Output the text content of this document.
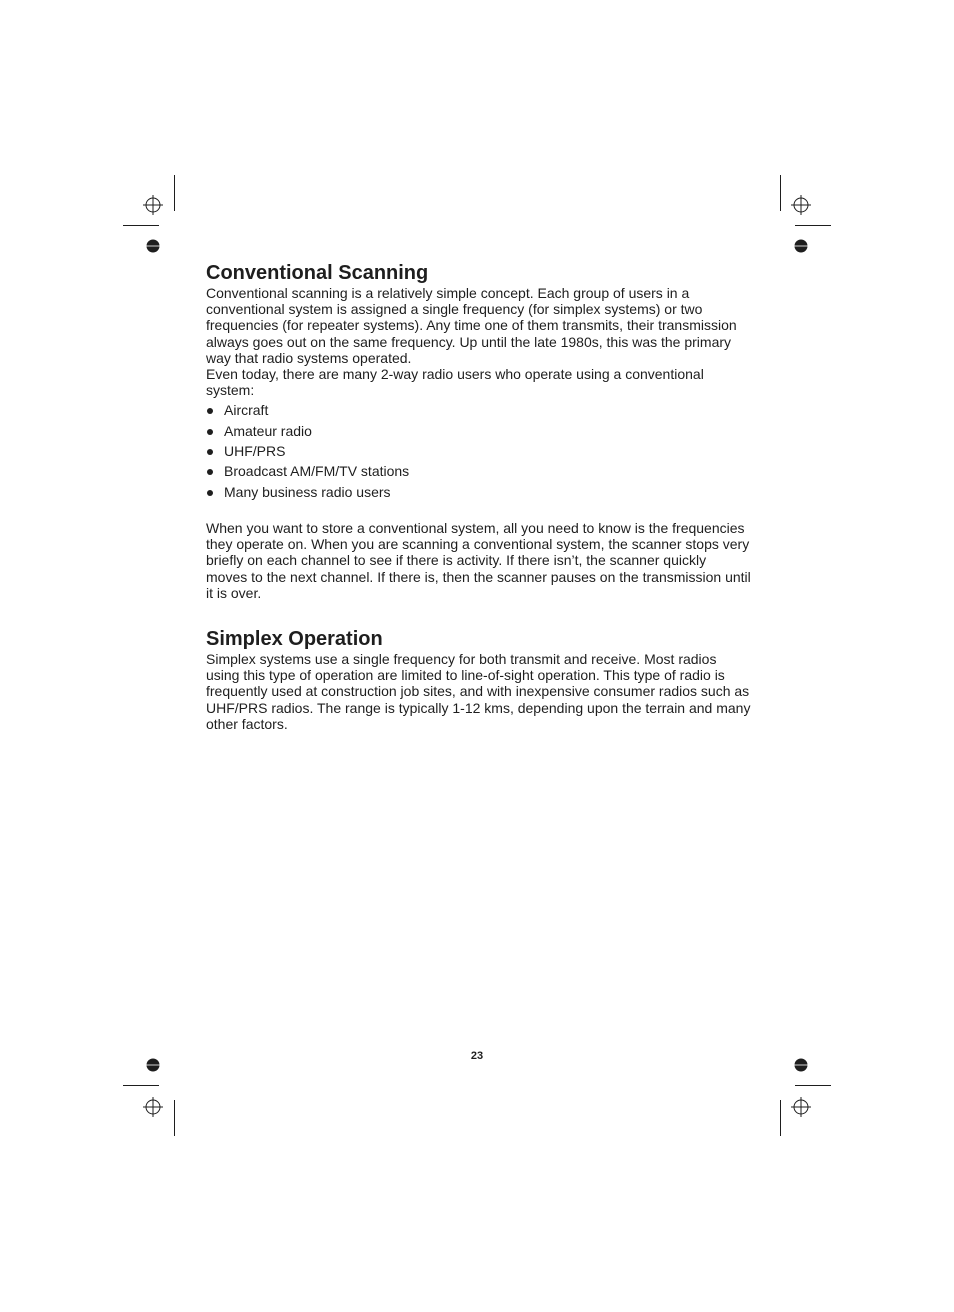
Conventional Scanning

Conventional scanning is a relatively simple concept. Each group of users in a conventional system is assigned a single frequency (for simplex systems) or two frequencies (for repeater systems). Any time one of them transmits, their transmission always goes out on the same frequency. Up until the late 1980s, this was the primary way that radio systems operated.

Even today, there are many 2-way radio users who operate using a conventional system:

Aircraft
Amateur radio
UHF/PRS
Broadcast AM/FM/TV stations
Many business radio users

When you want to store a conventional system, all you need to know is the frequencies they operate on. When you are scanning a conventional system, the scanner stops very briefly on each channel to see if there is activity. If there isn’t, the scanner quickly moves to the next channel. If there is, then the scanner pauses on the transmission until it is over.

Simplex Operation

Simplex systems use a single frequency for both transmit and receive. Most radios using this type of operation are limited to line-of-sight operation. This type of radio is frequently used at construction job sites, and with inexpensive consumer radios such as UHF/PRS radios. The range is typically 1-12 kms, depending upon the terrain and many other factors.

23
